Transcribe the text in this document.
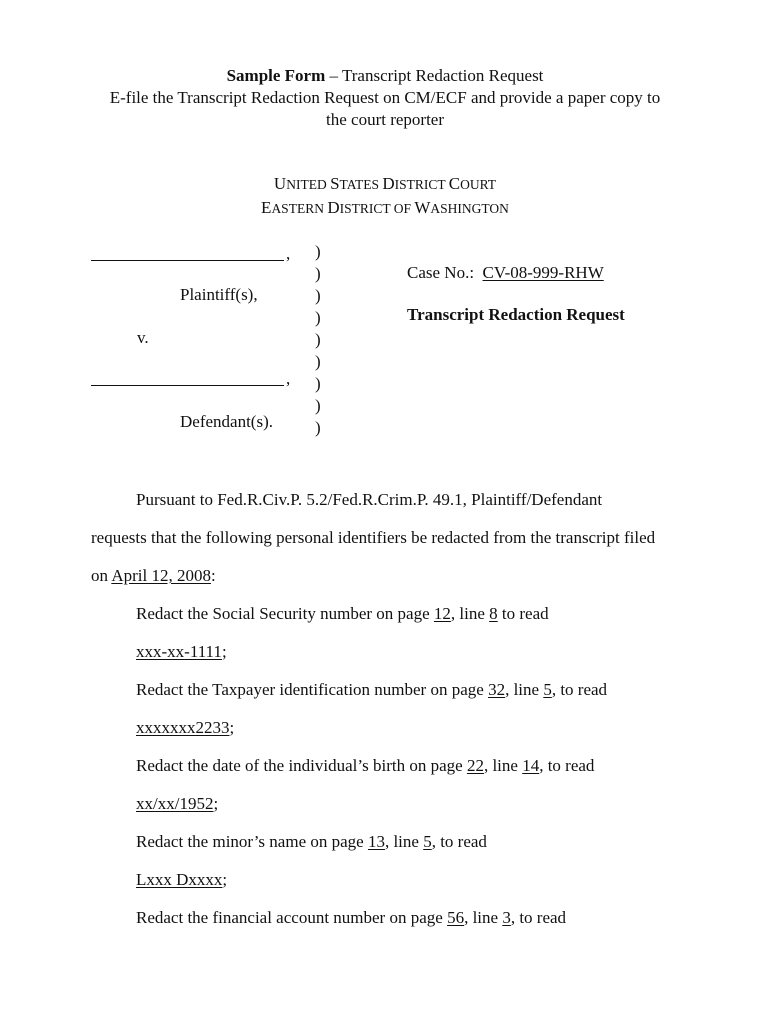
Sample Form – Transcript Redaction Request
E-file the Transcript Redaction Request on CM/ECF and provide a paper copy to
the court reporter
UNITED STATES DISTRICT COURT
EASTERN DISTRICT OF WASHINGTON
,
Plaintiff(s),
v.
,
Defendant(s).
)
)
)
)
)
)
)
)
)
Case No.: CV-08-999-RHW
Transcript Redaction Request
Pursuant to Fed.R.Civ.P. 5.2/Fed.R.Crim.P. 49.1, Plaintiff/Defendant
requests that the following personal identifiers be redacted from the transcript filed
on April 12, 2008:
Redact the Social Security number on page 12, line 8 to read
xxx-xx-1111;
Redact the Taxpayer identification number on page 32, line 5, to read
xxxxxxx2233;
Redact the date of the individual’s birth on page 22, line 14, to read
xx/xx/1952;
Redact the minor’s name on page 13, line 5, to read
Lxxx Dxxxx;
Redact the financial account number on page 56, line 3, to read
